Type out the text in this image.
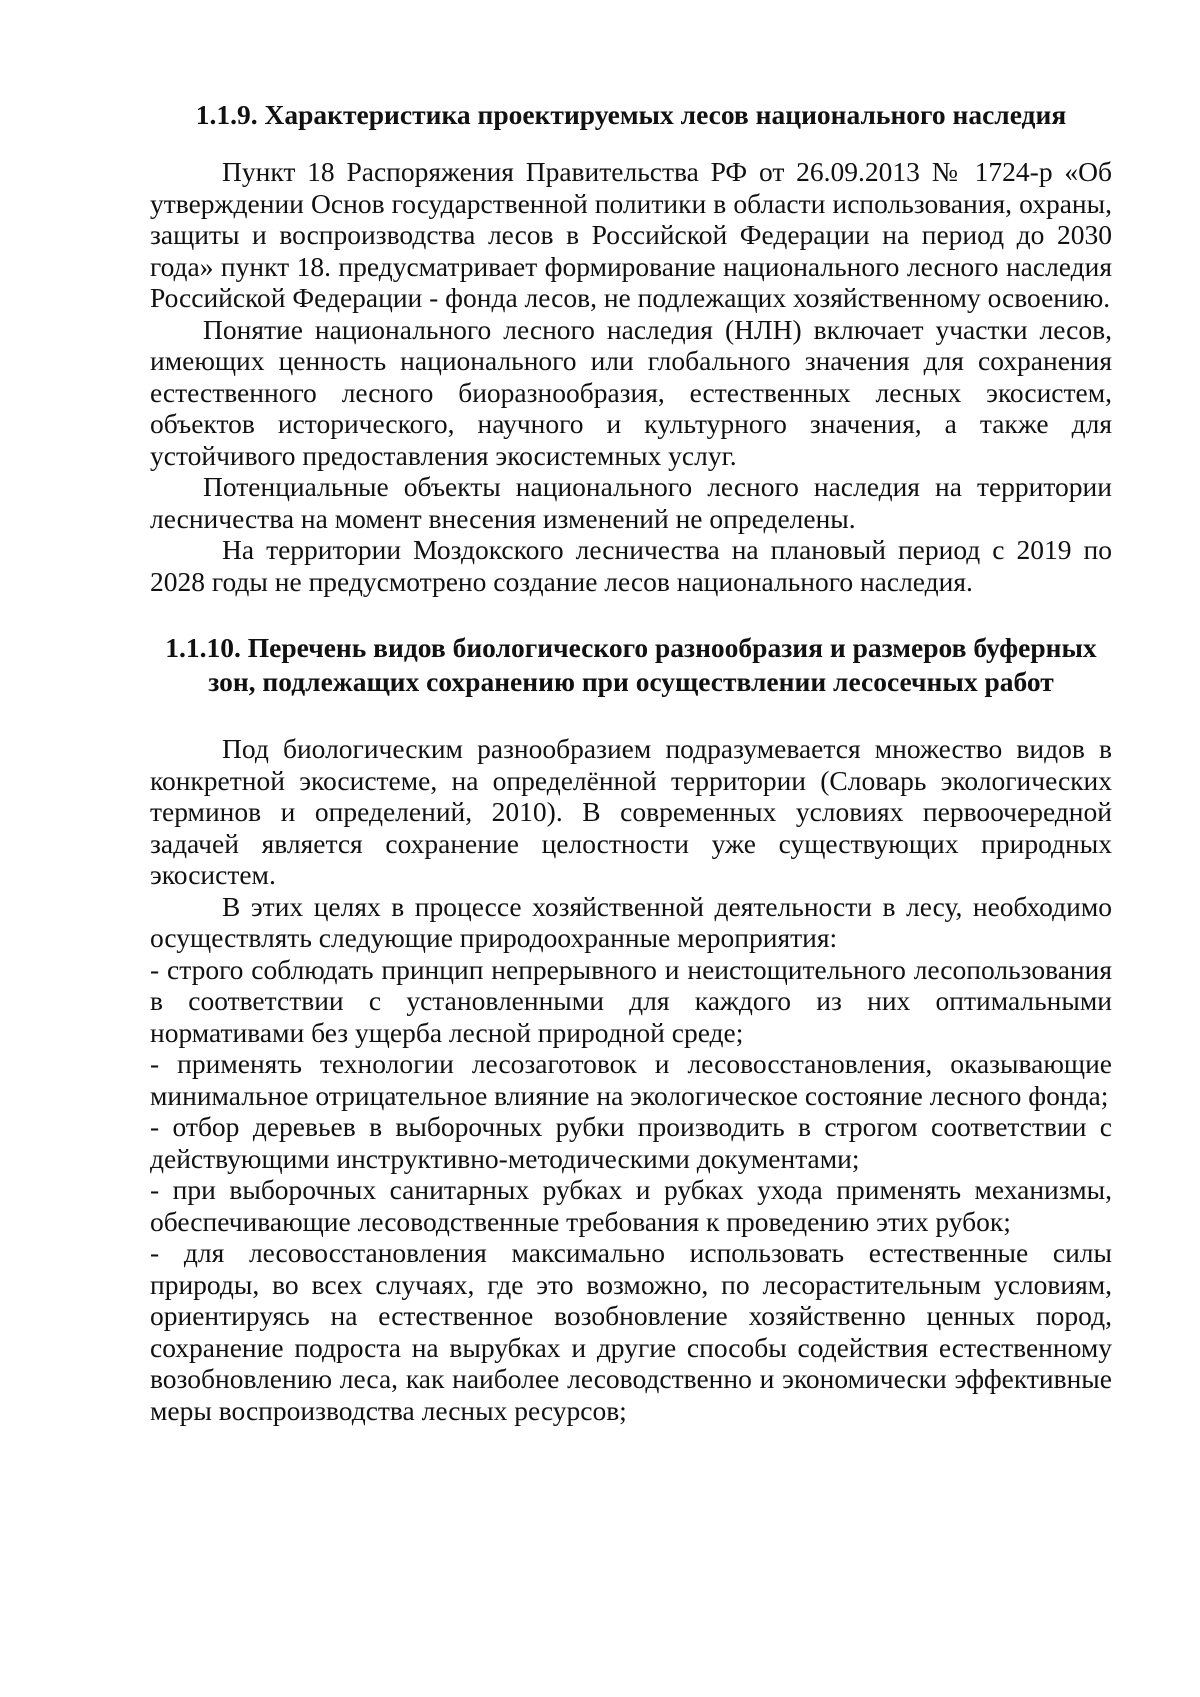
1.1.9. Характеристика проектируемых лесов национального наследия

Пункт 18 Распоряжения Правительства РФ от 26.09.2013 № 1724-р «Об утверждении Основ государственной политики в области использования, охраны, защиты и воспроизводства лесов в Российской Федерации на период до 2030 года» пункт 18. предусматривает формирование национального лесного наследия Российской Федерации - фонда лесов, не подлежащих хозяйственному освоению.

Понятие национального лесного наследия (НЛН) включает участки лесов, имеющих ценность национального или глобального значения для сохранения естественного лесного биоразнообразия, естественных лесных экосистем, объектов исторического, научного и культурного значения, а также для устойчивого предоставления экосистемных услуг.

Потенциальные объекты национального лесного наследия на территории лесничества на момент внесения изменений не определены.

На территории Моздокского лесничества на плановый период с 2019 по 2028 годы не предусмотрено создание лесов национального наследия.

1.1.10. Перечень видов биологического разнообразия и размеров буферных зон, подлежащих сохранению при осуществлении лесосечных работ

Под биологическим разнообразием подразумевается множество видов в конкретной экосистеме, на определённой территории (Словарь экологических терминов и определений, 2010). В современных условиях первоочередной задачей является сохранение целостности уже существующих природных экосистем.

В этих целях в процессе хозяйственной деятельности в лесу, необходимо осуществлять следующие природоохранные мероприятия:

- строго соблюдать принцип непрерывного и неистощительного лесопользования в соответствии с установленными для каждого из них оптимальными нормативами без ущерба лесной природной среде;

- применять технологии лесозаготовок и лесовосстановления, оказывающие минимальное отрицательное влияние на экологическое состояние лесного фонда;

- отбор деревьев в выборочных рубки производить в строгом соответствии с действующими инструктивно-методическими документами;

- при выборочных санитарных рубках и рубках ухода применять механизмы, обеспечивающие лесоводственные требования к проведению этих рубок;

- для лесовосстановления максимально использовать естественные силы природы, во всех случаях, где это возможно, по лесорастительным условиям, ориентируясь на естественное возобновление хозяйственно ценных пород, сохранение подроста на вырубках и другие способы содействия естественному возобновлению леса, как наиболее лесоводственно и экономически эффективные меры воспроизводства лесных ресурсов;
